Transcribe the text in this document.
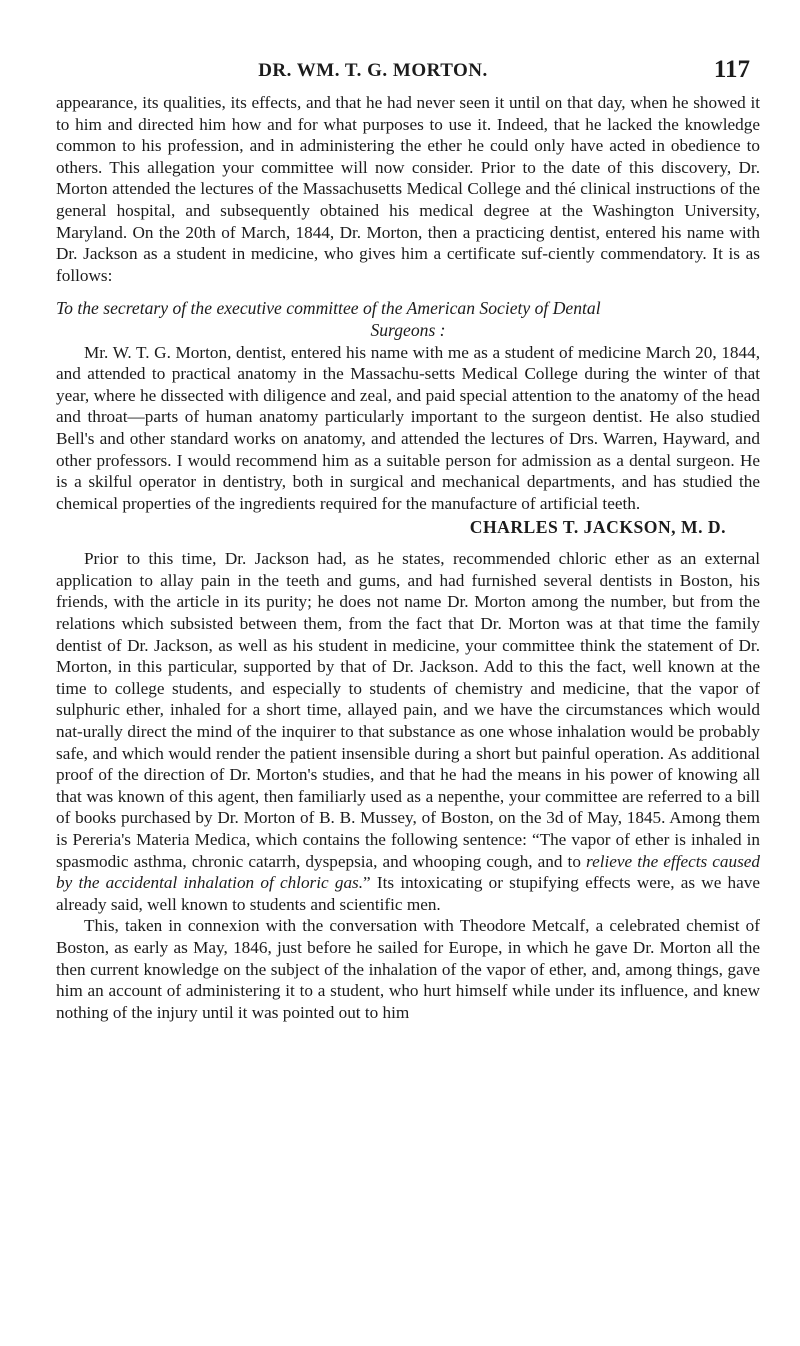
DR. WM. T. G. MORTON.	117

appearance, its qualities, its effects, and that he had never seen it until on that day, when he showed it to him and directed him how and for what purposes to use it. Indeed, that he lacked the knowledge common to his profession, and in administering the ether he could only have acted in obedience to others. This allegation your committee will now consider. Prior to the date of this discovery, Dr. Morton attended the lectures of the Massachusetts Medical College and thé clinical instructions of the general hospital, and subsequently obtained his medical degree at the Washington University, Maryland. On the 20th of March, 1844, Dr. Morton, then a practicing dentist, entered his name with Dr. Jackson as a student in medicine, who gives him a certificate suf-ciently commendatory. It is as follows:

To the secretary of the executive committee of the American Society of Dental
Surgeons :

Mr. W. T. G. Morton, dentist, entered his name with me as a student of medicine March 20, 1844, and attended to practical anatomy in the Massachu-setts Medical College during the winter of that year, where he dissected with diligence and zeal, and paid special attention to the anatomy of the head and throat—parts of human anatomy particularly important to the surgeon dentist. He also studied Bell's and other standard works on anatomy, and attended the lectures of Drs. Warren, Hayward, and other professors. I would recommend him as a suitable person for admission as a dental surgeon. He is a skilful operator in dentistry, both in surgical and mechanical departments, and has studied the chemical properties of the ingredients required for the manufacture of artificial teeth.

CHARLES T. JACKSON, M. D.

Prior to this time, Dr. Jackson had, as he states, recommended chloric ether as an external application to allay pain in the teeth and gums, and had furnished several dentists in Boston, his friends, with the article in its purity; he does not name Dr. Morton among the number, but from the relations which subsisted between them, from the fact that Dr. Morton was at that time the family dentist of Dr. Jackson, as well as his student in medicine, your committee think the statement of Dr. Morton, in this particular, supported by that of Dr. Jackson. Add to this the fact, well known at the time to college students, and especially to students of chemistry and medicine, that the vapor of sulphuric ether, inhaled for a short time, allayed pain, and we have the circumstances which would nat-urally direct the mind of the inquirer to that substance as one whose inhalation would be probably safe, and which would render the patient insensible during a short but painful operation. As additional proof of the direction of Dr. Morton's studies, and that he had the means in his power of knowing all that was known of this agent, then familiarly used as a nepenthe, your committee are referred to a bill of books purchased by Dr. Morton of B. B. Mussey, of Boston, on the 3d of May, 1845. Among them is Pereria's Materia Medica, which contains the following sentence: “The vapor of ether is inhaled in spasmodic asthma, chronic catarrh, dyspepsia, and whooping cough, and to relieve the effects caused by the accidental inhalation of chloric gas.” Its intoxicating or stupifying effects were, as we have already said, well known to students and scientific men.

This, taken in connexion with the conversation with Theodore Metcalf, a celebrated chemist of Boston, as early as May, 1846, just before he sailed for Europe, in which he gave Dr. Morton all the then current knowledge on the subject of the inhalation of the vapor of ether, and, among things, gave him an account of administering it to a student, who hurt himself while under its influence, and knew nothing of the injury until it was pointed out to him
